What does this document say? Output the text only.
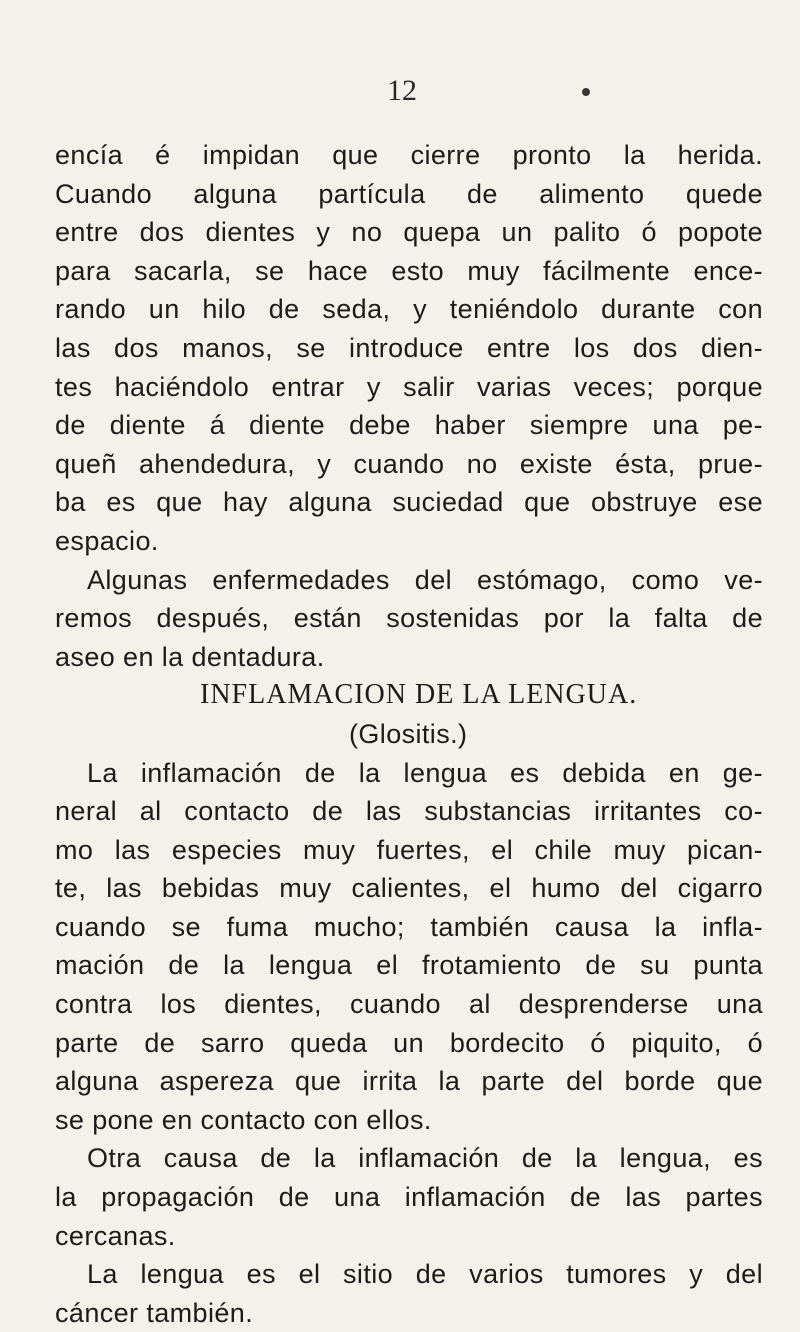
12
encía é impidan que cierre pronto la herida.
Cuando alguna partícula de alimento quede
entre dos dientes y no quepa un palito ó popote
para sacarla, se hace esto muy fácilmente ence-
rando un hilo de seda, y teniéndolo durante con
las dos manos, se introduce entre los dos dien-
tes haciéndolo entrar y salir varias veces; porque
de diente á diente debe haber siempre una pe-
queñ ahendedura, y cuando no existe ésta, prue-
ba es que hay alguna suciedad que obstruye ese
espacio.
Algunas enfermedades del estómago, como ve-
remos después, están sostenidas por la falta de
aseo en la dentadura.
INFLAMACION DE LA LENGUA.
(Glositis.)
La inflamación de la lengua es debida en ge-
neral al contacto de las substancias irritantes co-
mo las especies muy fuertes, el chile muy pican-
te, las bebidas muy calientes, el humo del cigarro
cuando se fuma mucho; también causa la infla-
mación de la lengua el frotamiento de su punta
contra los dientes, cuando al desprenderse una
parte de sarro queda un bordecito ó piquito, ó
alguna aspereza que irrita la parte del borde que
se pone en contacto con ellos.
Otra causa de la inflamación de la lengua, es
la propagación de una inflamación de las partes
cercanas.
La lengua es el sitio de varios tumores y del
cáncer también.
